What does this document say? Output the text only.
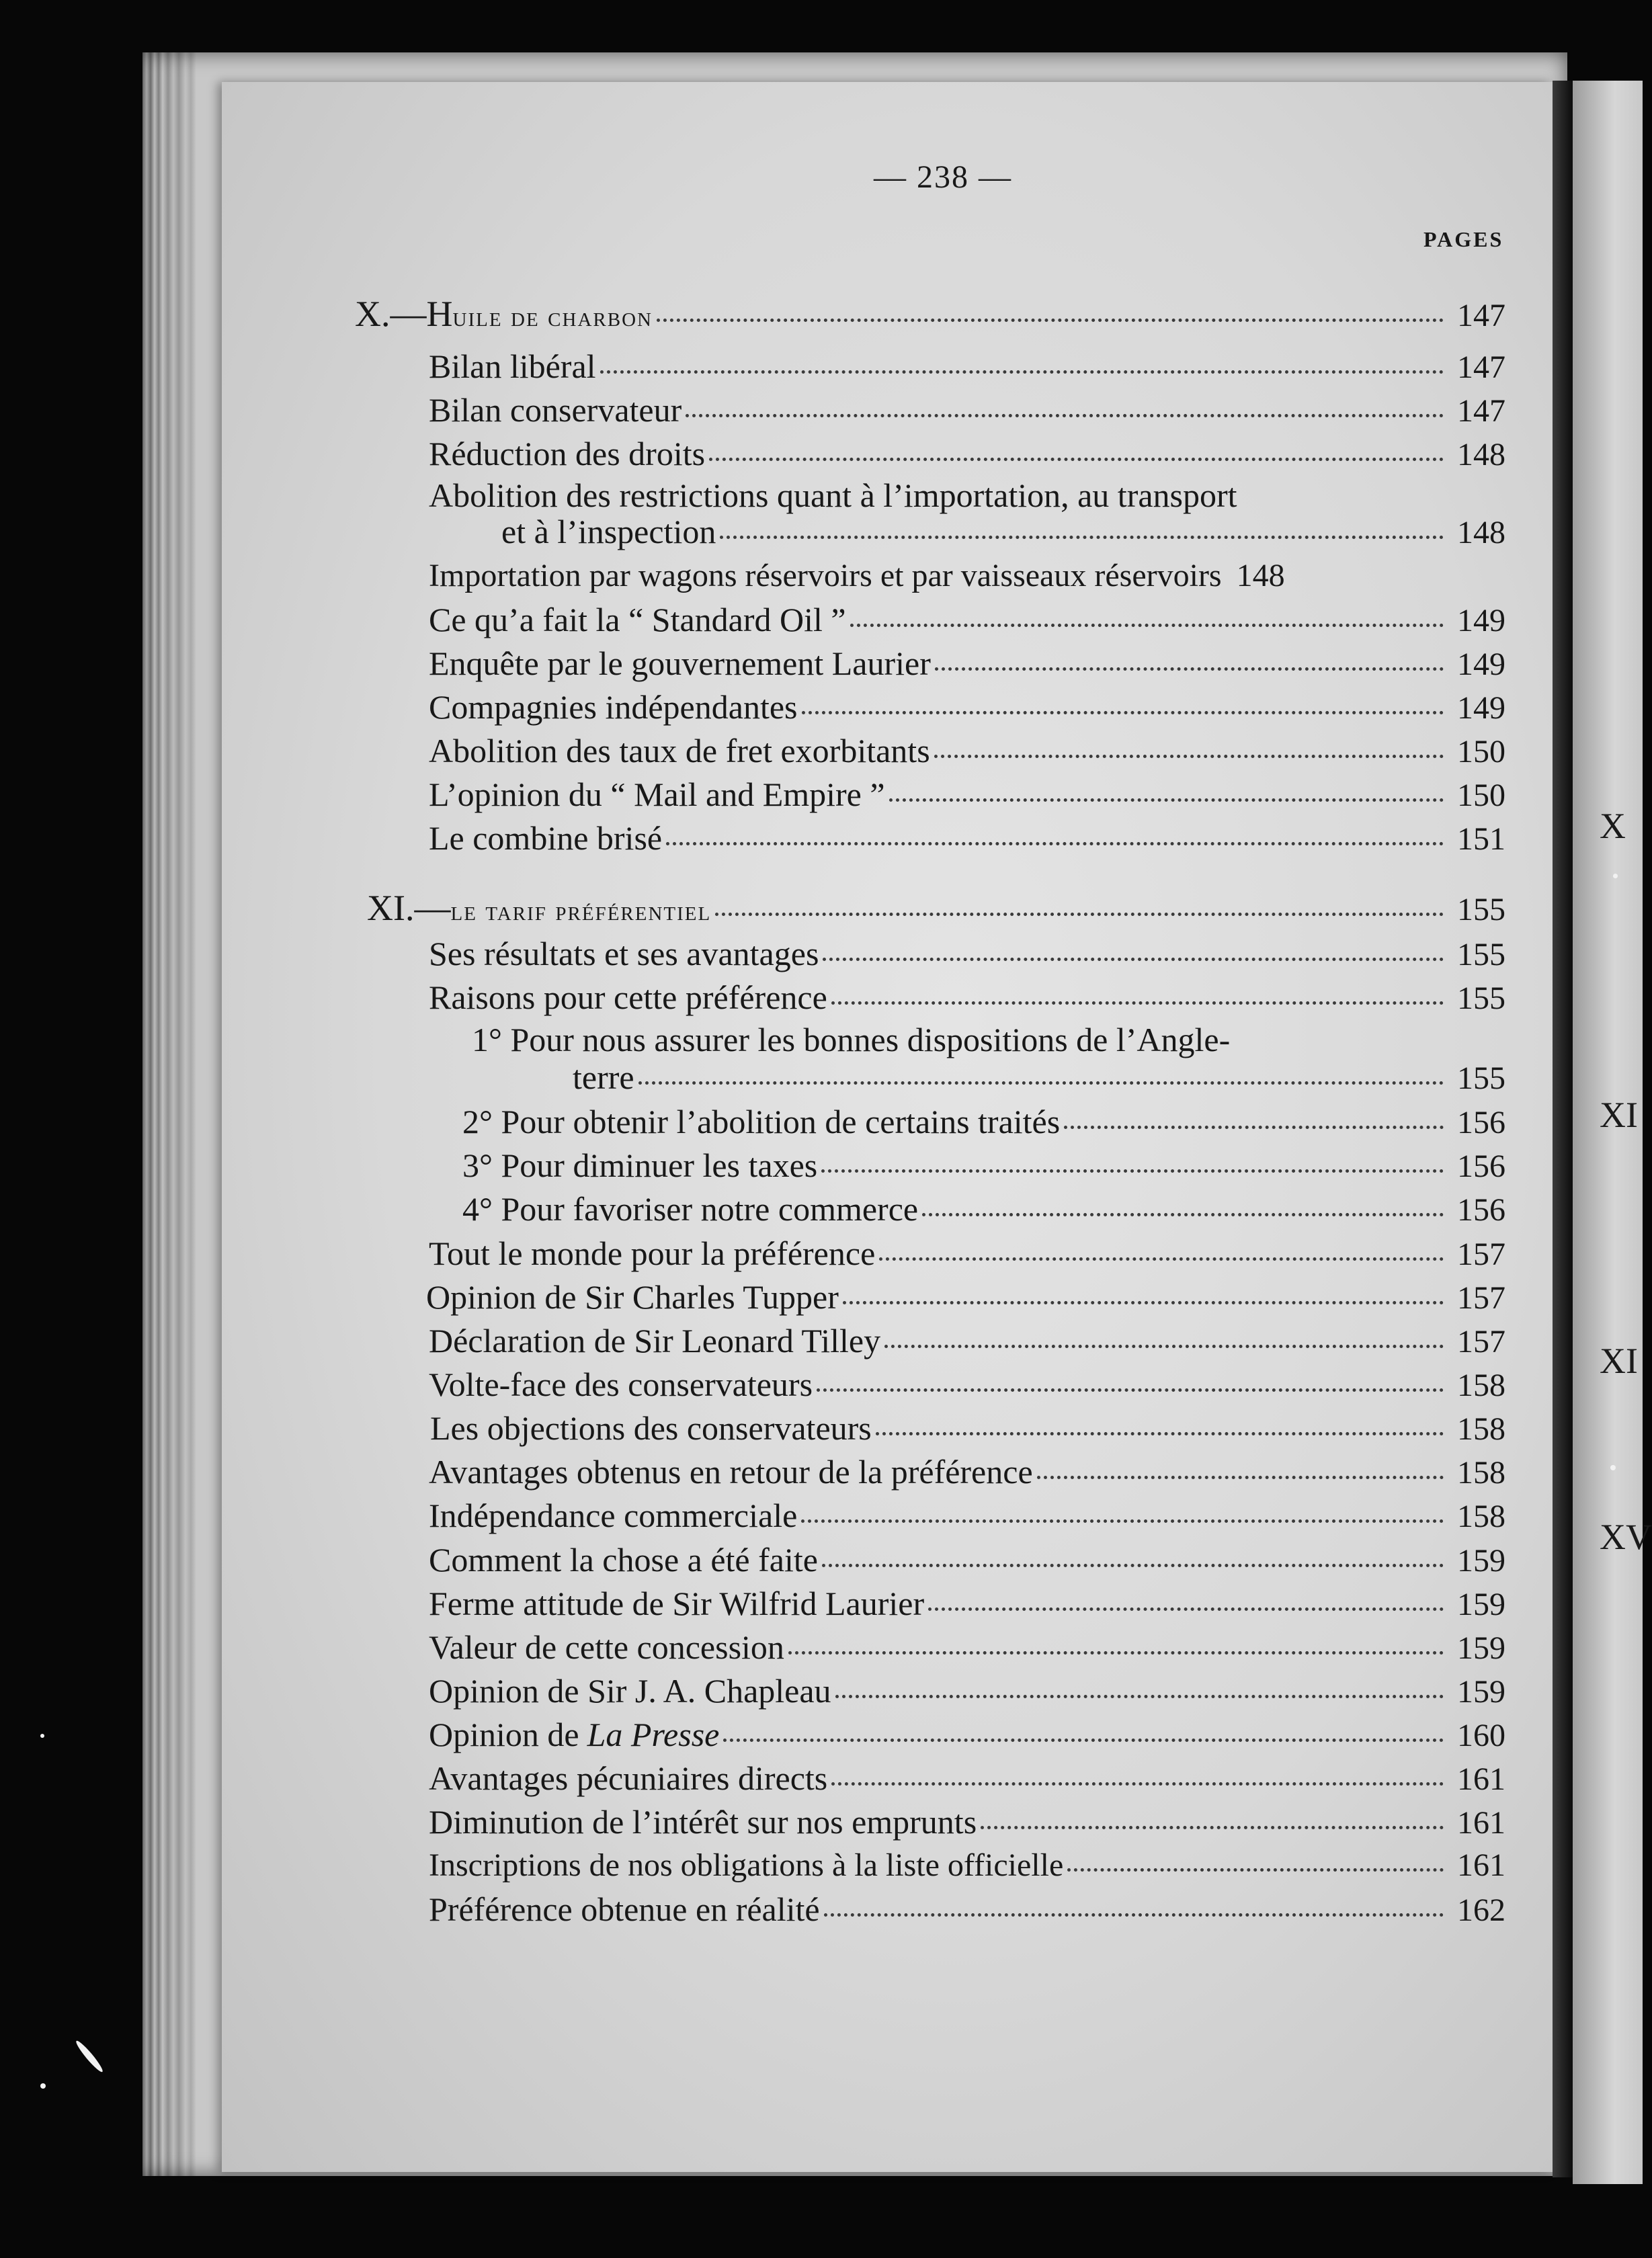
X
XI
XI
XV
— 238 —
PAGES
X.— H uile de charbon	147
Bilan libéral	147
Bilan conservateur	147
Réduction des droits	148
Abolition des restrictions quant à l’importation, au transport
et à l’inspection	148
Importation par wagons réservoirs et par vaisseaux réservoirs 148
Ce qu’a fait la “ Standard Oil ”	149
Enquête par le gouvernement Laurier	149
Compagnies indépendantes	149
Abolition des taux de fret exorbitants	150
L’opinion du “ Mail and Empire ”	150
Le combine brisé	151
XI.— le tarif préférentiel	155
Ses résultats et ses avantages	155
Raisons pour cette préférence	155
1° Pour nous assurer les bonnes dispositions de l’Angle-
terre	155
2° Pour obtenir l’abolition de certains traités	156
3° Pour diminuer les taxes	156
4° Pour favoriser notre commerce	156
Tout le monde pour la préférence	157
Opinion de Sir Charles Tupper	157
Déclaration de Sir Leonard Tilley	157
Volte-face des conservateurs	158
Les objections des conservateurs	158
Avantages obtenus en retour de la préférence	158
Indépendance commerciale	158
Comment la chose a été faite	159
Ferme attitude de Sir Wilfrid Laurier	159
Valeur de cette concession	159
Opinion de Sir J. A. Chapleau	159
Opinion de La Presse	160
Avantages pécuniaires directs	161
Diminution de l’intérêt sur nos emprunts	161
Inscriptions de nos obligations à la liste officielle	161
Préférence obtenue en réalité	162
